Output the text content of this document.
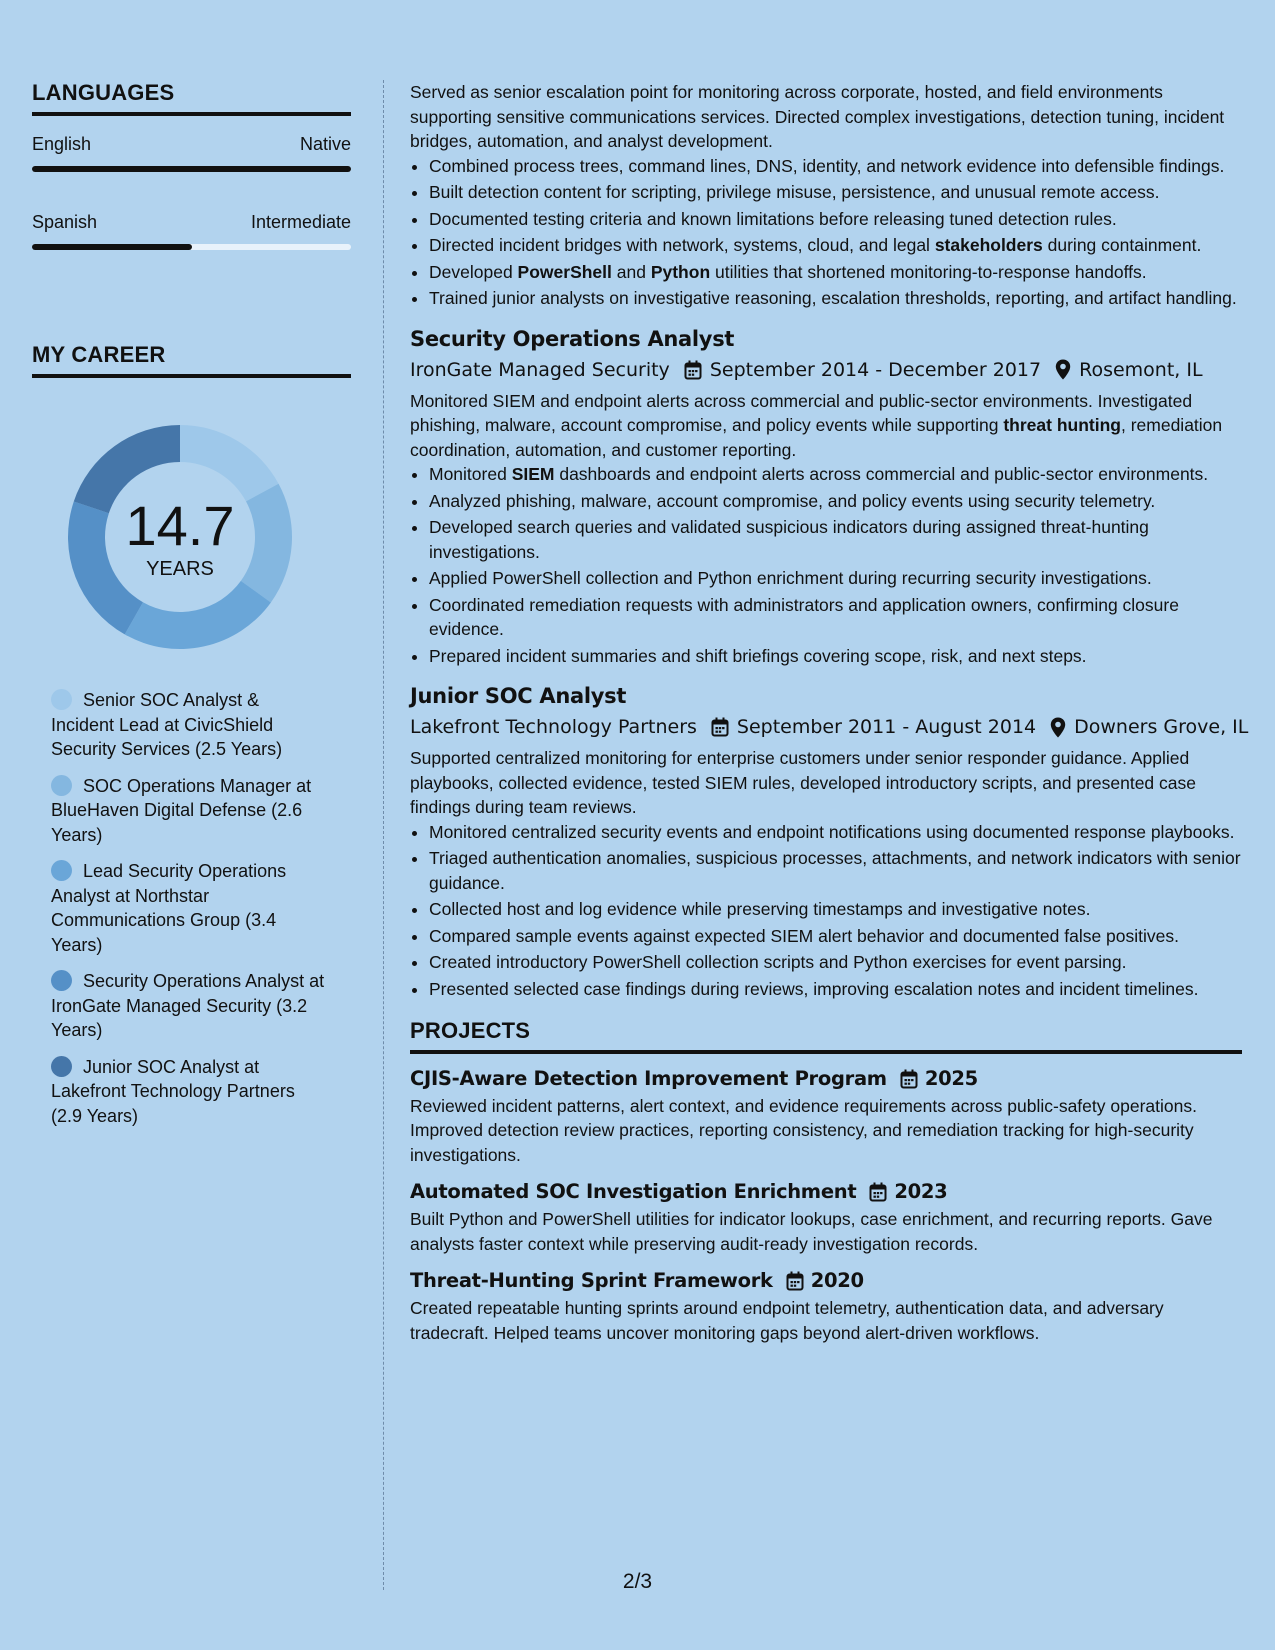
LANGUAGES
English	Native
Spanish	Intermediate
MY CAREER
14.7
YEARS
Senior SOC Analyst & Incident Lead at CivicShield Security Services (2.5 Years)
SOC Operations Manager at BlueHaven Digital Defense (2.6 Years)
Lead Security Operations Analyst at Northstar Communications Group (3.4 Years)
Security Operations Analyst at IronGate Managed Security (3.2 Years)
Junior SOC Analyst at Lakefront Technology Partners (2.9 Years)

Served as senior escalation point for monitoring across corporate, hosted, and field environments supporting sensitive communications services. Directed complex investigations, detection tuning, incident bridges, automation, and analyst development.

• Combined process trees, command lines, DNS, identity, and network evidence into defensible findings.
• Built detection content for scripting, privilege misuse, persistence, and unusual remote access.
• Documented testing criteria and known limitations before releasing tuned detection rules.
• Directed incident bridges with network, systems, cloud, and legal stakeholders during containment.
• Developed PowerShell and Python utilities that shortened monitoring-to-response handoffs.
• Trained junior analysts on investigative reasoning, escalation thresholds, reporting, and artifact handling.
Security Operations Analyst
IronGate Managed Security September 2014 - December 2017 Rosemont, IL

Monitored SIEM and endpoint alerts across commercial and public-sector environments. Investigated phishing, malware, account compromise, and policy events while supporting threat hunting, remediation coordination, automation, and customer reporting.

• Monitored SIEM dashboards and endpoint alerts across commercial and public-sector environments.
• Analyzed phishing, malware, account compromise, and policy events using security telemetry.
• Developed search queries and validated suspicious indicators during assigned threat-hunting investigations.
• Applied PowerShell collection and Python enrichment during recurring security investigations.
• Coordinated remediation requests with administrators and application owners, confirming closure evidence.
• Prepared incident summaries and shift briefings covering scope, risk, and next steps.
Junior SOC Analyst
Lakefront Technology Partners September 2011 - August 2014 Downers Grove, IL

Supported centralized monitoring for enterprise customers under senior responder guidance. Applied playbooks, collected evidence, tested SIEM rules, developed introductory scripts, and presented case findings during team reviews.

• Monitored centralized security events and endpoint notifications using documented response playbooks.
• Triaged authentication anomalies, suspicious processes, attachments, and network indicators with senior guidance.
• Collected host and log evidence while preserving timestamps and investigative notes.
• Compared sample events against expected SIEM alert behavior and documented false positives.
• Created introductory PowerShell collection scripts and Python exercises for event parsing.
• Presented selected case findings during reviews, improving escalation notes and incident timelines.
PROJECTS
CJIS-Aware Detection Improvement Program 2025

Reviewed incident patterns, alert context, and evidence requirements across public-safety operations. Improved detection review practices, reporting consistency, and remediation tracking for high-security investigations.

Automated SOC Investigation Enrichment 2023

Built Python and PowerShell utilities for indicator lookups, case enrichment, and recurring reports. Gave analysts faster context while preserving audit-ready investigation records.

Threat-Hunting Sprint Framework 2020

Created repeatable hunting sprints around endpoint telemetry, authentication data, and adversary tradecraft. Helped teams uncover monitoring gaps beyond alert-driven workflows.

2/3
